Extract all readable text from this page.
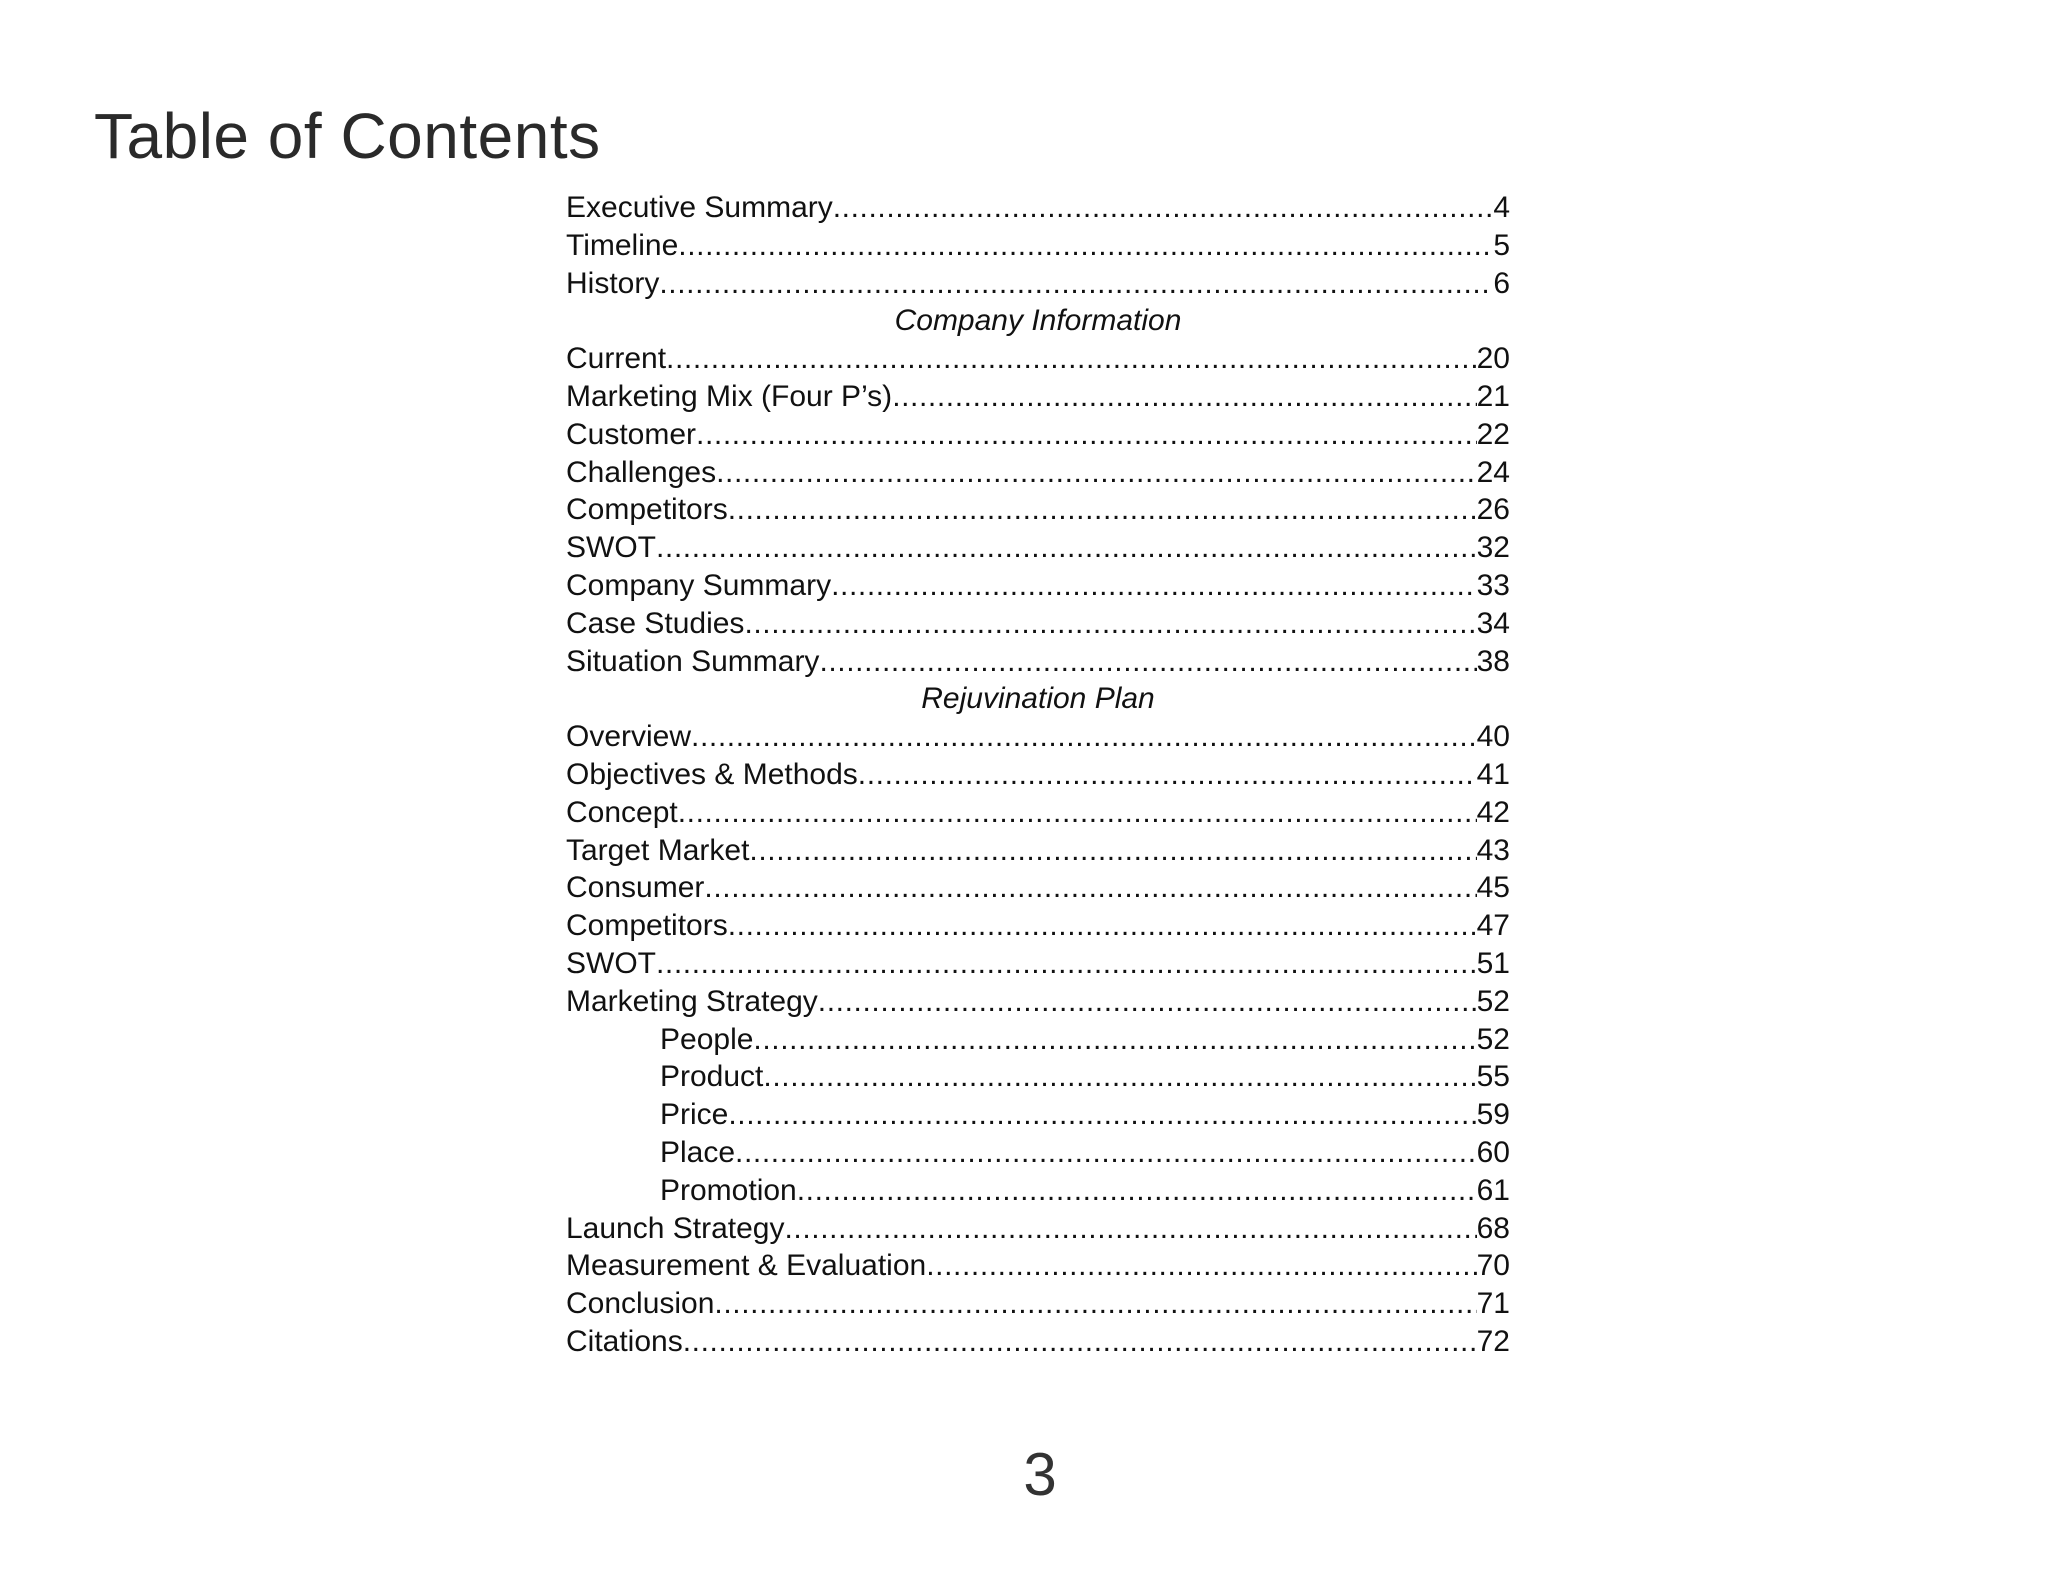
Table of Contents
Executive Summary .....	4
Timeline .....	5
History .....	6
Company Information
Current .....	20
Marketing Mix (Four P’s) .....	21
Customer .....	22
Challenges .....	24
Competitors .....	26
SWOT .....	32
Company Summary .....	33
Case Studies .....	34
Situation Summary .....	38
Rejuvination Plan
Overview .....	40
Objectives & Methods .....	41
Concept .....	42
Target Market .....	43
Consumer .....	45
Competitors .....	47
SWOT .....	51
Marketing Strategy .....	52
People .....	52
Product .....	55
Price .....	59
Place .....	60
Promotion .....	61
Launch Strategy .....	68
Measurement & Evaluation .....	70
Conclusion .....	71
Citations .....	72
3
